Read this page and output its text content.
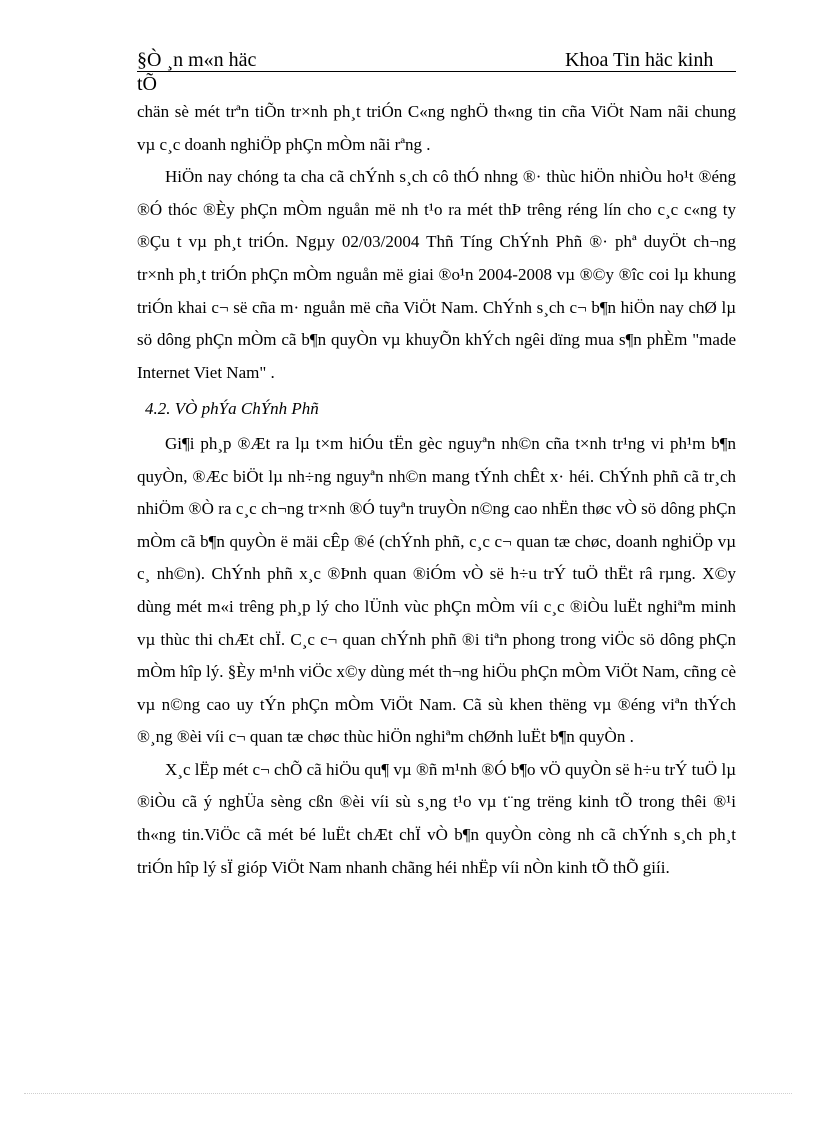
§Ò ¸n m«n häc	Khoa Tin häc kinh
tÕ

chän sè mét trªn tiÕn tr×nh ph¸t triÓn C«ng nghÖ th«ng tin cña ViÖt Nam nãi chung vµ c¸c doanh nghiÖp phÇn mÒm nãi rªng .

HiÖn nay chóng ta cha cã chÝnh s¸ch cô thÓ nhng ®· thùc hiÖn nhiÒu ho¹t ®éng ®Ó thóc ®Èy phÇn mÒm nguån më nh t¹o ra mét thÞ trêng réng lín cho c¸c c«ng ty ®Çu t vµ ph¸t triÓn. Ngµy 02/03/2004 Thñ Tíng ChÝnh Phñ ®· phª duyÖt ch¬ng tr×nh ph¸t triÓn phÇn mÒm nguån më giai ®o¹n 2004-2008 vµ ®©y ®îc coi lµ khung triÓn khai c¬ së cña m· nguån më cña ViÖt Nam. ChÝnh s¸ch c¬ b¶n hiÖn nay chØ lµ sö dông phÇn mÒm cã b¶n quyÒn vµ khuyÕn khÝch ngêi dïng mua s¶n phÈm "made Internet Viet Nam" .

4.2. VÒ phÝa ChÝnh Phñ

Gi¶i ph¸p ®Æt ra lµ t×m hiÓu tËn gèc nguyªn nh©n cña t×nh tr¹ng vi ph¹m b¶n quyÒn, ®Æc biÖt lµ nh÷ng nguyªn nh©n mang tÝnh chÊt x· héi. ChÝnh phñ cã tr¸ch nhiÖm ®Ò ra c¸c ch¬ng tr×nh ®Ó tuyªn truyÒn n©ng cao nhËn thøc vÒ sö dông phÇn mÒm cã b¶n quyÒn ë mäi cÊp ®é (chÝnh phñ, c¸c c¬ quan tæ chøc, doanh nghiÖp vµ c¸ nh©n). ChÝnh phñ x¸c ®Þnh quan ®iÓm vÒ së h÷u trÝ tuÖ thËt râ rµng. X©y dùng mét m«i trêng ph¸p lý cho lÜnh vùc phÇn mÒm víi c¸c ®iÒu luËt nghiªm minh vµ thùc thi chÆt chÏ. C¸c c¬ quan chÝnh phñ ®i tiªn phong trong viÖc sö dông phÇn mÒm hîp lý. §Èy m¹nh viÖc x©y dùng mét th¬ng hiÖu phÇn mÒm ViÖt Nam, cñng cè vµ n©ng cao uy tÝn phÇn mÒm ViÖt Nam. Cã sù khen thëng vµ ®éng viªn thÝch ®¸ng ®èi víi c¬ quan tæ chøc thùc hiÖn nghiªm chØnh luËt b¶n quyÒn .

X¸c lËp mét c¬ chÕ cã hiÖu qu¶ vµ ®ñ m¹nh ®Ó b¶o vÖ quyÒn së h÷u trÝ tuÖ lµ ®iÒu cã ý nghÜa sèng cßn ®èi víi sù s¸ng t¹o vµ t¨ng trëng kinh tÕ trong thêi ®¹i th«ng tin.ViÖc cã mét bé luËt chÆt chÏ vÒ b¶n quyÒn còng nh cã chÝnh s¸ch ph¸t triÓn hîp lý sÏ gióp ViÖt Nam nhanh chãng héi nhËp víi nÒn kinh tÕ thÕ giíi.
